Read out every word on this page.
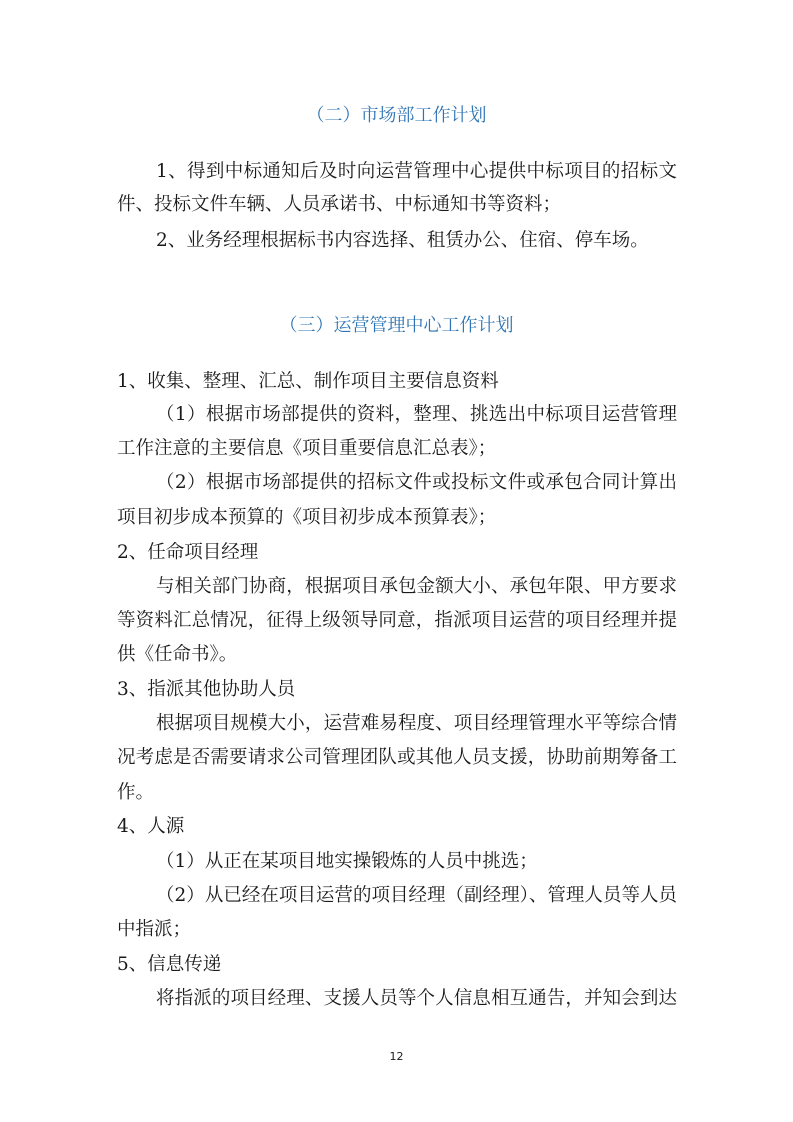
（二）市场部工作计划
1、得到中标通知后及时向运营管理中心提供中标项目的招标文
件、投标文件车辆、人员承诺书、中标通知书等资料；
2、业务经理根据标书内容选择、租赁办公、住宿、停车场。
（三）运营管理中心工作计划
1、收集、整理、汇总、制作项目主要信息资料
（1）根据市场部提供的资料，整理、挑选出中标项目运营管理
工作注意的主要信息《项目重要信息汇总表》；
（2）根据市场部提供的招标文件或投标文件或承包合同计算出
项目初步成本预算的《项目初步成本预算表》；
2、任命项目经理
与相关部门协商，根据项目承包金额大小、承包年限、甲方要求
等资料汇总情况，征得上级领导同意，指派项目运营的项目经理并提
供《任命书》。
3、指派其他协助人员
根据项目规模大小，运营难易程度、项目经理管理水平等综合情
况考虑是否需要请求公司管理团队或其他人员支援，协助前期筹备工
作。
4、人源
（1）从正在某项目地实操锻炼的人员中挑选；
（2）从已经在项目运营的项目经理（副经理）、管理人员等人员
中指派；
5、信息传递
将指派的项目经理、支援人员等个人信息相互通告，并知会到达
12
